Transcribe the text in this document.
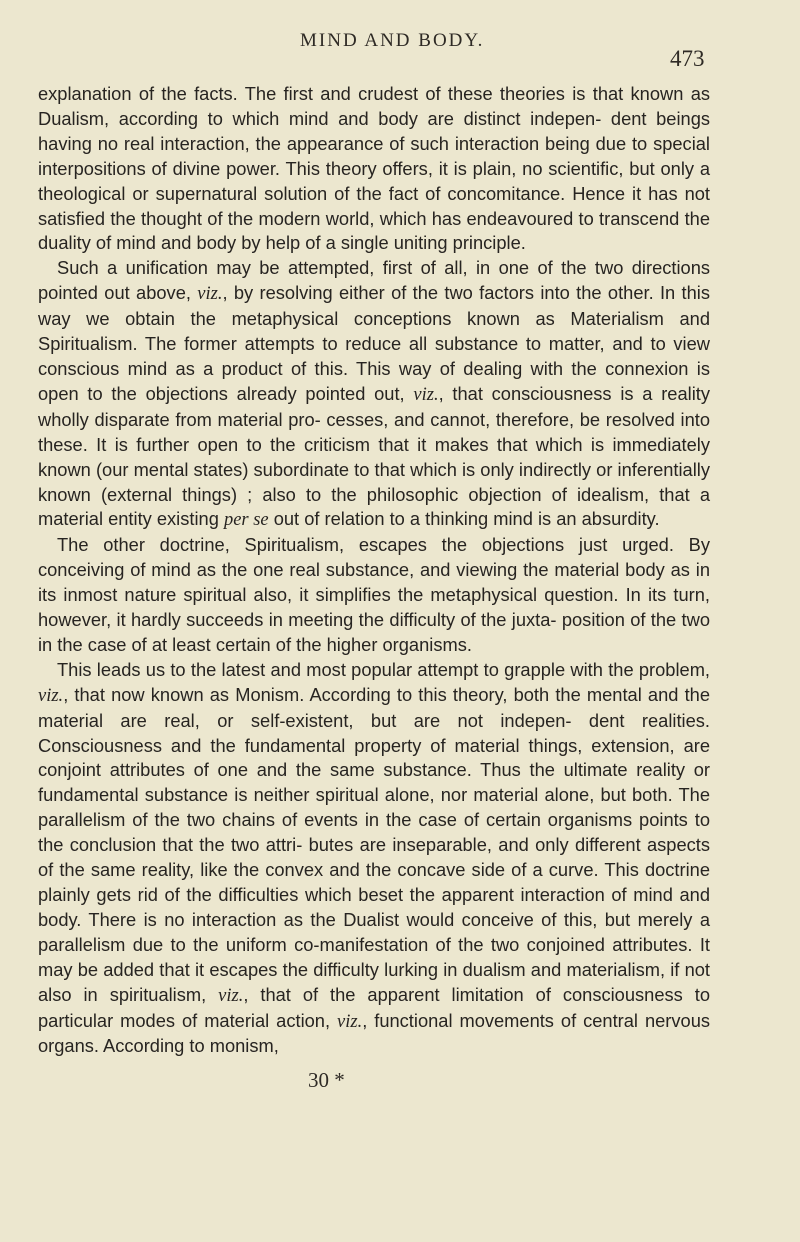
MIND AND BODY.
473

explanation of the facts. The first and crudest of these theories is that known as Dualism, according to which mind and body are distinct indepen- dent beings having no real interaction, the appearance of such interaction being due to special interpositions of divine power. This theory offers, it is plain, no scientific, but only a theological or supernatural solution of the fact of concomitance. Hence it has not satisfied the thought of the modern world, which has endeavoured to transcend the duality of mind and body by help of a single uniting principle.

Such a unification may be attempted, first of all, in one of the two directions pointed out above, viz., by resolving either of the two factors into the other. In this way we obtain the metaphysical conceptions known as Materialism and Spiritualism. The former attempts to reduce all substance to matter, and to view conscious mind as a product of this. This way of dealing with the connexion is open to the objections already pointed out, viz., that consciousness is a reality wholly disparate from material pro- cesses, and cannot, therefore, be resolved into these. It is further open to the criticism that it makes that which is immediately known (our mental states) subordinate to that which is only indirectly or inferentially known (external things) ; also to the philosophic objection of idealism, that a material entity existing per se out of relation to a thinking mind is an absurdity.

The other doctrine, Spiritualism, escapes the objections just urged. By conceiving of mind as the one real substance, and viewing the material body as in its inmost nature spiritual also, it simplifies the metaphysical question. In its turn, however, it hardly succeeds in meeting the difficulty of the juxta- position of the two in the case of at least certain of the higher organisms.

This leads us to the latest and most popular attempt to grapple with the problem, viz., that now known as Monism. According to this theory, both the mental and the material are real, or self-existent, but are not indepen- dent realities. Consciousness and the fundamental property of material things, extension, are conjoint attributes of one and the same substance. Thus the ultimate reality or fundamental substance is neither spiritual alone, nor material alone, but both. The parallelism of the two chains of events in the case of certain organisms points to the conclusion that the two attri- butes are inseparable, and only different aspects of the same reality, like the convex and the concave side of a curve. This doctrine plainly gets rid of the difficulties which beset the apparent interaction of mind and body. There is no interaction as the Dualist would conceive of this, but merely a parallelism due to the uniform co-manifestation of the two conjoined attributes. It may be added that it escapes the difficulty lurking in dualism and materialism, if not also in spiritualism, viz., that of the apparent limitation of consciousness to particular modes of material action, viz., functional movements of central nervous organs. According to monism,

30 *
